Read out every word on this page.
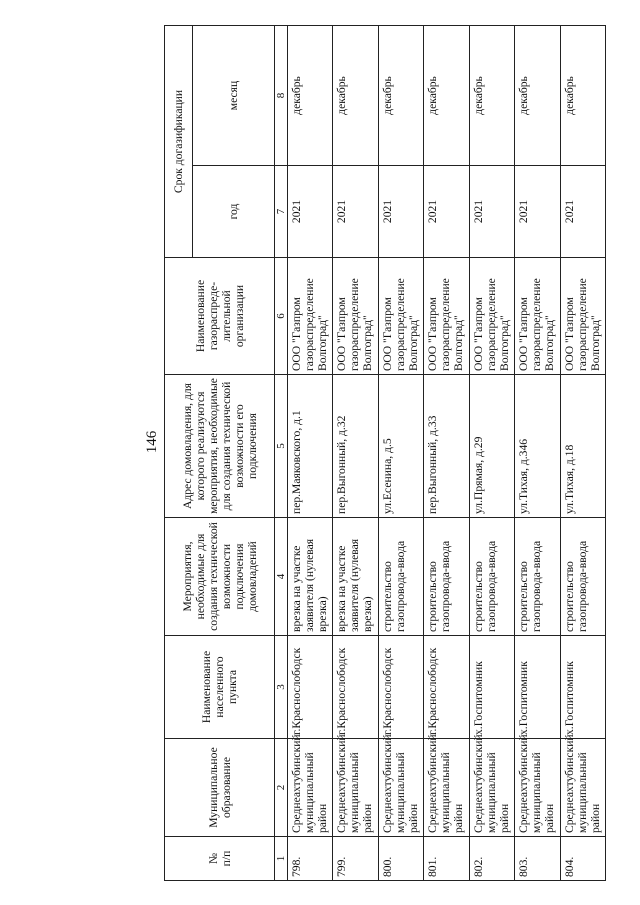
146
№
п/п	Муниципальное образование	Наименование населенного пункта	Мероприятия, необходимые для создания технической возможности подключения домовладений	Адрес домовладения, для которого реализуются мероприятия, необходимые для создания технической возможности его подключения	Наименование газораспреде-лительной организации	Срок догазификации	
						год	месяц
1	2	3	4	5	6	7	8
798.	Среднеахтубинский муниципальный район	г.Краснослободск	врезка на участке заявителя (нулевая врезка)	пер.Маяковского, д.1	ООО "Газпром газораспределение Волгоград"	2021	декабрь
799.	Среднеахтубинский муниципальный район	г.Краснослободск	врезка на участке заявителя (нулевая врезка)	пер.Выгонный, д.32	ООО "Газпром газораспределение Волгоград"	2021	декабрь
800.	Среднеахтубинский муниципальный район	г.Краснослободск	строительство газопровода-ввода	ул.Есенина, д.5	ООО "Газпром газораспределение Волгоград"	2021	декабрь
801.	Среднеахтубинский муниципальный район	г.Краснослободск	строительство газопровода-ввода	пер.Выгонный, д.33	ООО "Газпром газораспределение Волгоград"	2021	декабрь
802.	Среднеахтубинский муниципальный район	х.Госпитомник	строительство газопровода-ввода	ул.Прямая, д.29	ООО "Газпром газораспределение Волгоград"	2021	декабрь
803.	Среднеахтубинский муниципальный район	х.Госпитомник	строительство газопровода-ввода	ул.Тихая, д.346	ООО "Газпром газораспределение Волгоград"	2021	декабрь
804.	Среднеахтубинский муниципальный район	х.Госпитомник	строительство газопровода-ввода	ул.Тихая, д.18	ООО "Газпром газораспределение Волгоград"	2021	декабрь
